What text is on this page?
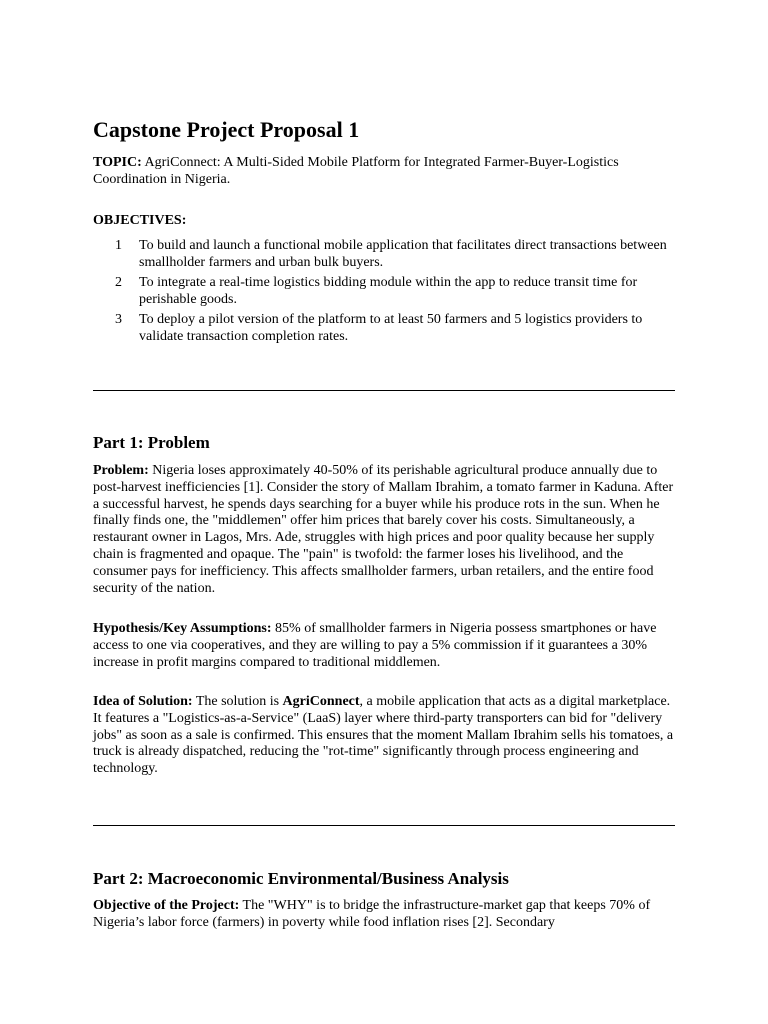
Capstone Project Proposal 1

TOPIC: AgriConnect: A Multi-Sided Mobile Platform for Integrated Farmer-Buyer-Logistics Coordination in Nigeria.

OBJECTIVES:

1 To build and launch a functional mobile application that facilitates direct transactions between smallholder farmers and urban bulk buyers.
2 To integrate a real-time logistics bidding module within the app to reduce transit time for perishable goods.
3 To deploy a pilot version of the platform to at least 50 farmers and 5 logistics providers to validate transaction completion rates.
Part 1: Problem

Problem: Nigeria loses approximately 40-50% of its perishable agricultural produce annually due to post-harvest inefficiencies [1]. Consider the story of Mallam Ibrahim, a tomato farmer in Kaduna. After a successful harvest, he spends days searching for a buyer while his produce rots in the sun. When he finally finds one, the "middlemen" offer him prices that barely cover his costs. Simultaneously, a restaurant owner in Lagos, Mrs. Ade, struggles with high prices and poor quality because her supply chain is fragmented and opaque. The "pain" is twofold: the farmer loses his livelihood, and the consumer pays for inefficiency. This affects smallholder farmers, urban retailers, and the entire food security of the nation.

Hypothesis/Key Assumptions: 85% of smallholder farmers in Nigeria possess smartphones or have access to one via cooperatives, and they are willing to pay a 5% commission if it guarantees a 30% increase in profit margins compared to traditional middlemen.

Idea of Solution: The solution is AgriConnect, a mobile application that acts as a digital marketplace. It features a "Logistics-as-a-Service" (LaaS) layer where third-party transporters can bid for "delivery jobs" as soon as a sale is confirmed. This ensures that the moment Mallam Ibrahim sells his tomatoes, a truck is already dispatched, reducing the "rot-time" significantly through process engineering and technology.

Part 2: Macroeconomic Environmental/Business Analysis

Objective of the Project: The "WHY" is to bridge the infrastructure-market gap that keeps 70% of Nigeria’s labor force (farmers) in poverty while food inflation rises [2]. Secondary
